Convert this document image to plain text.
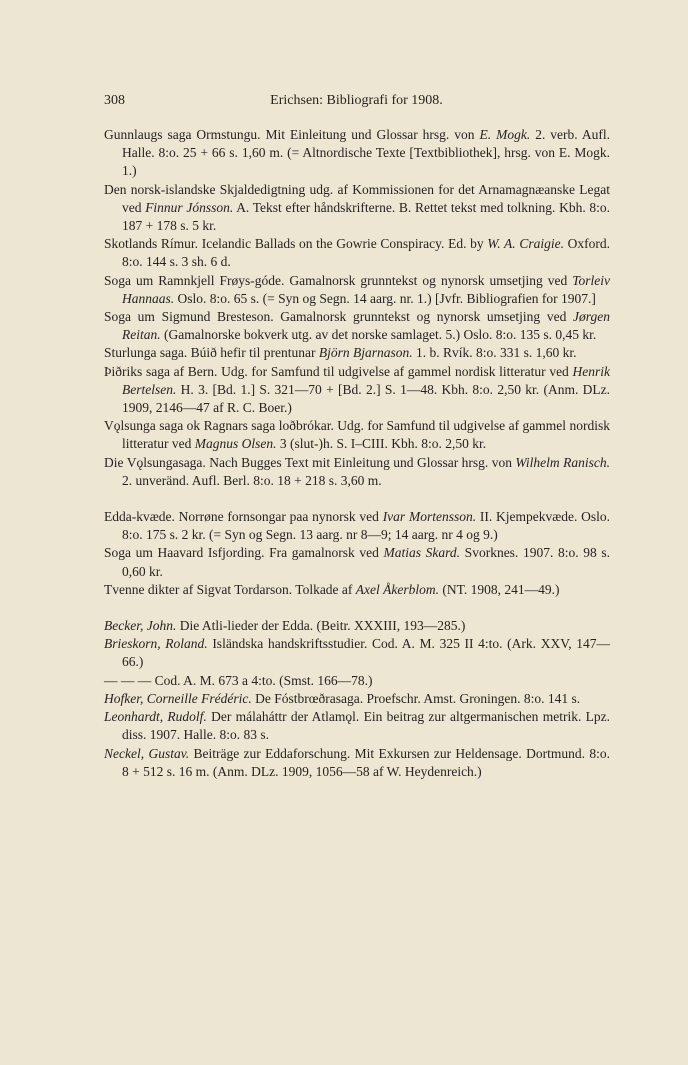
308	Erichsen: Bibliografi for 1908.

Gunnlaugs saga Ormstungu. Mit Einleitung und Glossar hrsg. von E. Mogk. 2. verb. Aufl. Halle. 8:o. 25 + 66 s. 1,60 m. (= Altnordische Texte [Textbibliothek], hrsg. von E. Mogk. 1.)

Den norsk-islandske Skjaldedigtning udg. af Kommissionen for det Arnamagnæanske Legat ved Finnur Jónsson. A. Tekst efter håndskrifterne. B. Rettet tekst med tolkning. Kbh. 8:o. 187 + 178 s. 5 kr.

Skotlands Rímur. Icelandic Ballads on the Gowrie Conspiracy. Ed. by W. A. Craigie. Oxford. 8:o. 144 s. 3 sh. 6 d.

Soga um Ramnkjell Frøys-góde. Gamalnorsk grunntekst og nynorsk umsetjing ved Torleiv Hannaas. Oslo. 8:o. 65 s. (= Syn og Segn. 14 aarg. nr. 1.) [Jvfr. Bibliografien for 1907.]

Soga um Sigmund Bresteson. Gamalnorsk grunntekst og nynorsk umsetjing ved Jørgen Reitan. (Gamalnorske bokverk utg. av det norske samlaget. 5.) Oslo. 8:o. 135 s. 0,45 kr.

Sturlunga saga. Búið hefir til prentunar Björn Bjarnason. 1. b. Rvík. 8:o. 331 s. 1,60 kr.

Þiðriks saga af Bern. Udg. for Samfund til udgivelse af gammel nordisk litteratur ved Henrik Bertelsen. H. 3. [Bd. 1.] S. 321—70 + [Bd. 2.] S. 1—48. Kbh. 8:o. 2,50 kr. (Anm. DLz. 1909, 2146—47 af R. C. Boer.)

Vǫlsunga saga ok Ragnars saga loðbrókar. Udg. for Samfund til udgivelse af gammel nordisk litteratur ved Magnus Olsen. 3 (slut-)h. S. I–CIII. Kbh. 8:o. 2,50 kr.

Die Vǫlsungasaga. Nach Bugges Text mit Einleitung und Glossar hrsg. von Wilhelm Ranisch. 2. unveränd. Aufl. Berl. 8:o. 18 + 218 s. 3,60 m.

Edda-kvæde. Norrøne fornsongar paa nynorsk ved Ivar Mortensson. II. Kjempekvæde. Oslo. 8:o. 175 s. 2 kr. (= Syn og Segn. 13 aarg. nr 8—9; 14 aarg. nr 4 og 9.)

Soga um Haavard Isfjording. Fra gamalnorsk ved Matias Skard. Svorknes. 1907. 8:o. 98 s. 0,60 kr.

Tvenne dikter af Sigvat Tordarson. Tolkade af Axel Åkerblom. (NT. 1908, 241—49.)

Becker, John. Die Atli-lieder der Edda. (Beitr. XXXIII, 193—285.)

Brieskorn, Roland. Isländska handskriftsstudier. Cod. A. M. 325 II 4:to. (Ark. XXV, 147—66.)

— — — Cod. A. M. 673 a 4:to. (Smst. 166—78.)

Hofker, Corneille Frédéric. De Fóstbrœðrasaga. Proefschr. Amst. Groningen. 8:o. 141 s.

Leonhardt, Rudolf. Der málaháttr der Atlamǫl. Ein beitrag zur altgermanischen metrik. Lpz. diss. 1907. Halle. 8:o. 83 s.

Neckel, Gustav. Beiträge zur Eddaforschung. Mit Exkursen zur Heldensage. Dortmund. 8:o. 8 + 512 s. 16 m. (Anm. DLz. 1909, 1056—58 af W. Heydenreich.)
